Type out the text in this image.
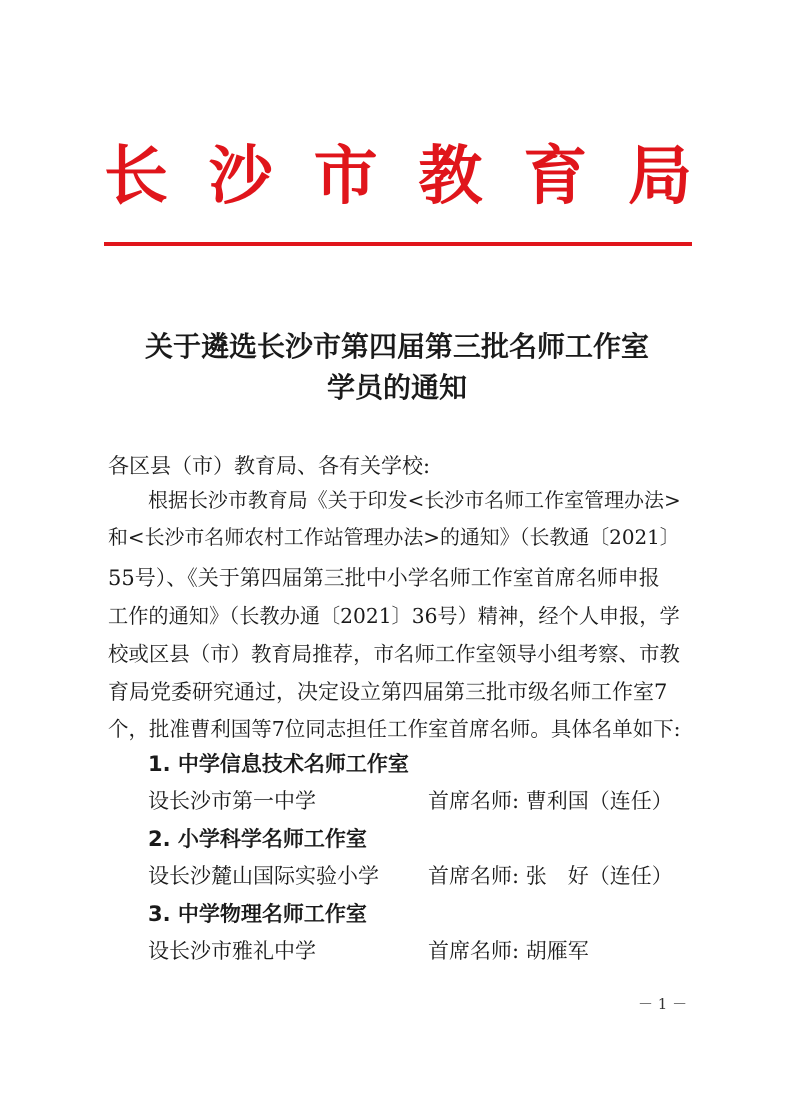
长 沙 市 教 育 局
关于遴选长沙市第四届第三批名师工作室
学员的通知
各区县（市）教育局、各有关学校:
根据长沙市教育局《关于印发<长沙市名师工作室管理办法>
和<长沙市名师农村工作站管理办法>的通知》（长教通〔2021〕
55号）、《关于第四届第三批中小学名师工作室首席名师申报
工作的通知》（长教办通〔2021〕36号）精神，经个人申报，学
校或区县（市）教育局推荐，市名师工作室领导小组考察、市教
育局党委研究通过，决定设立第四届第三批市级名师工作室7
个，批准曹利国等7位同志担任工作室首席名师。具体名单如下:
1. 中学信息技术名师工作室
设长沙市第一中学	首席名师: 曹利国（连任）
2. 小学科学名师工作室
设长沙麓山国际实验小学 首席名师: 张　好（连任）
3. 中学物理名师工作室
设长沙市雅礼中学	首席名师: 胡雁军
－ 1 －
